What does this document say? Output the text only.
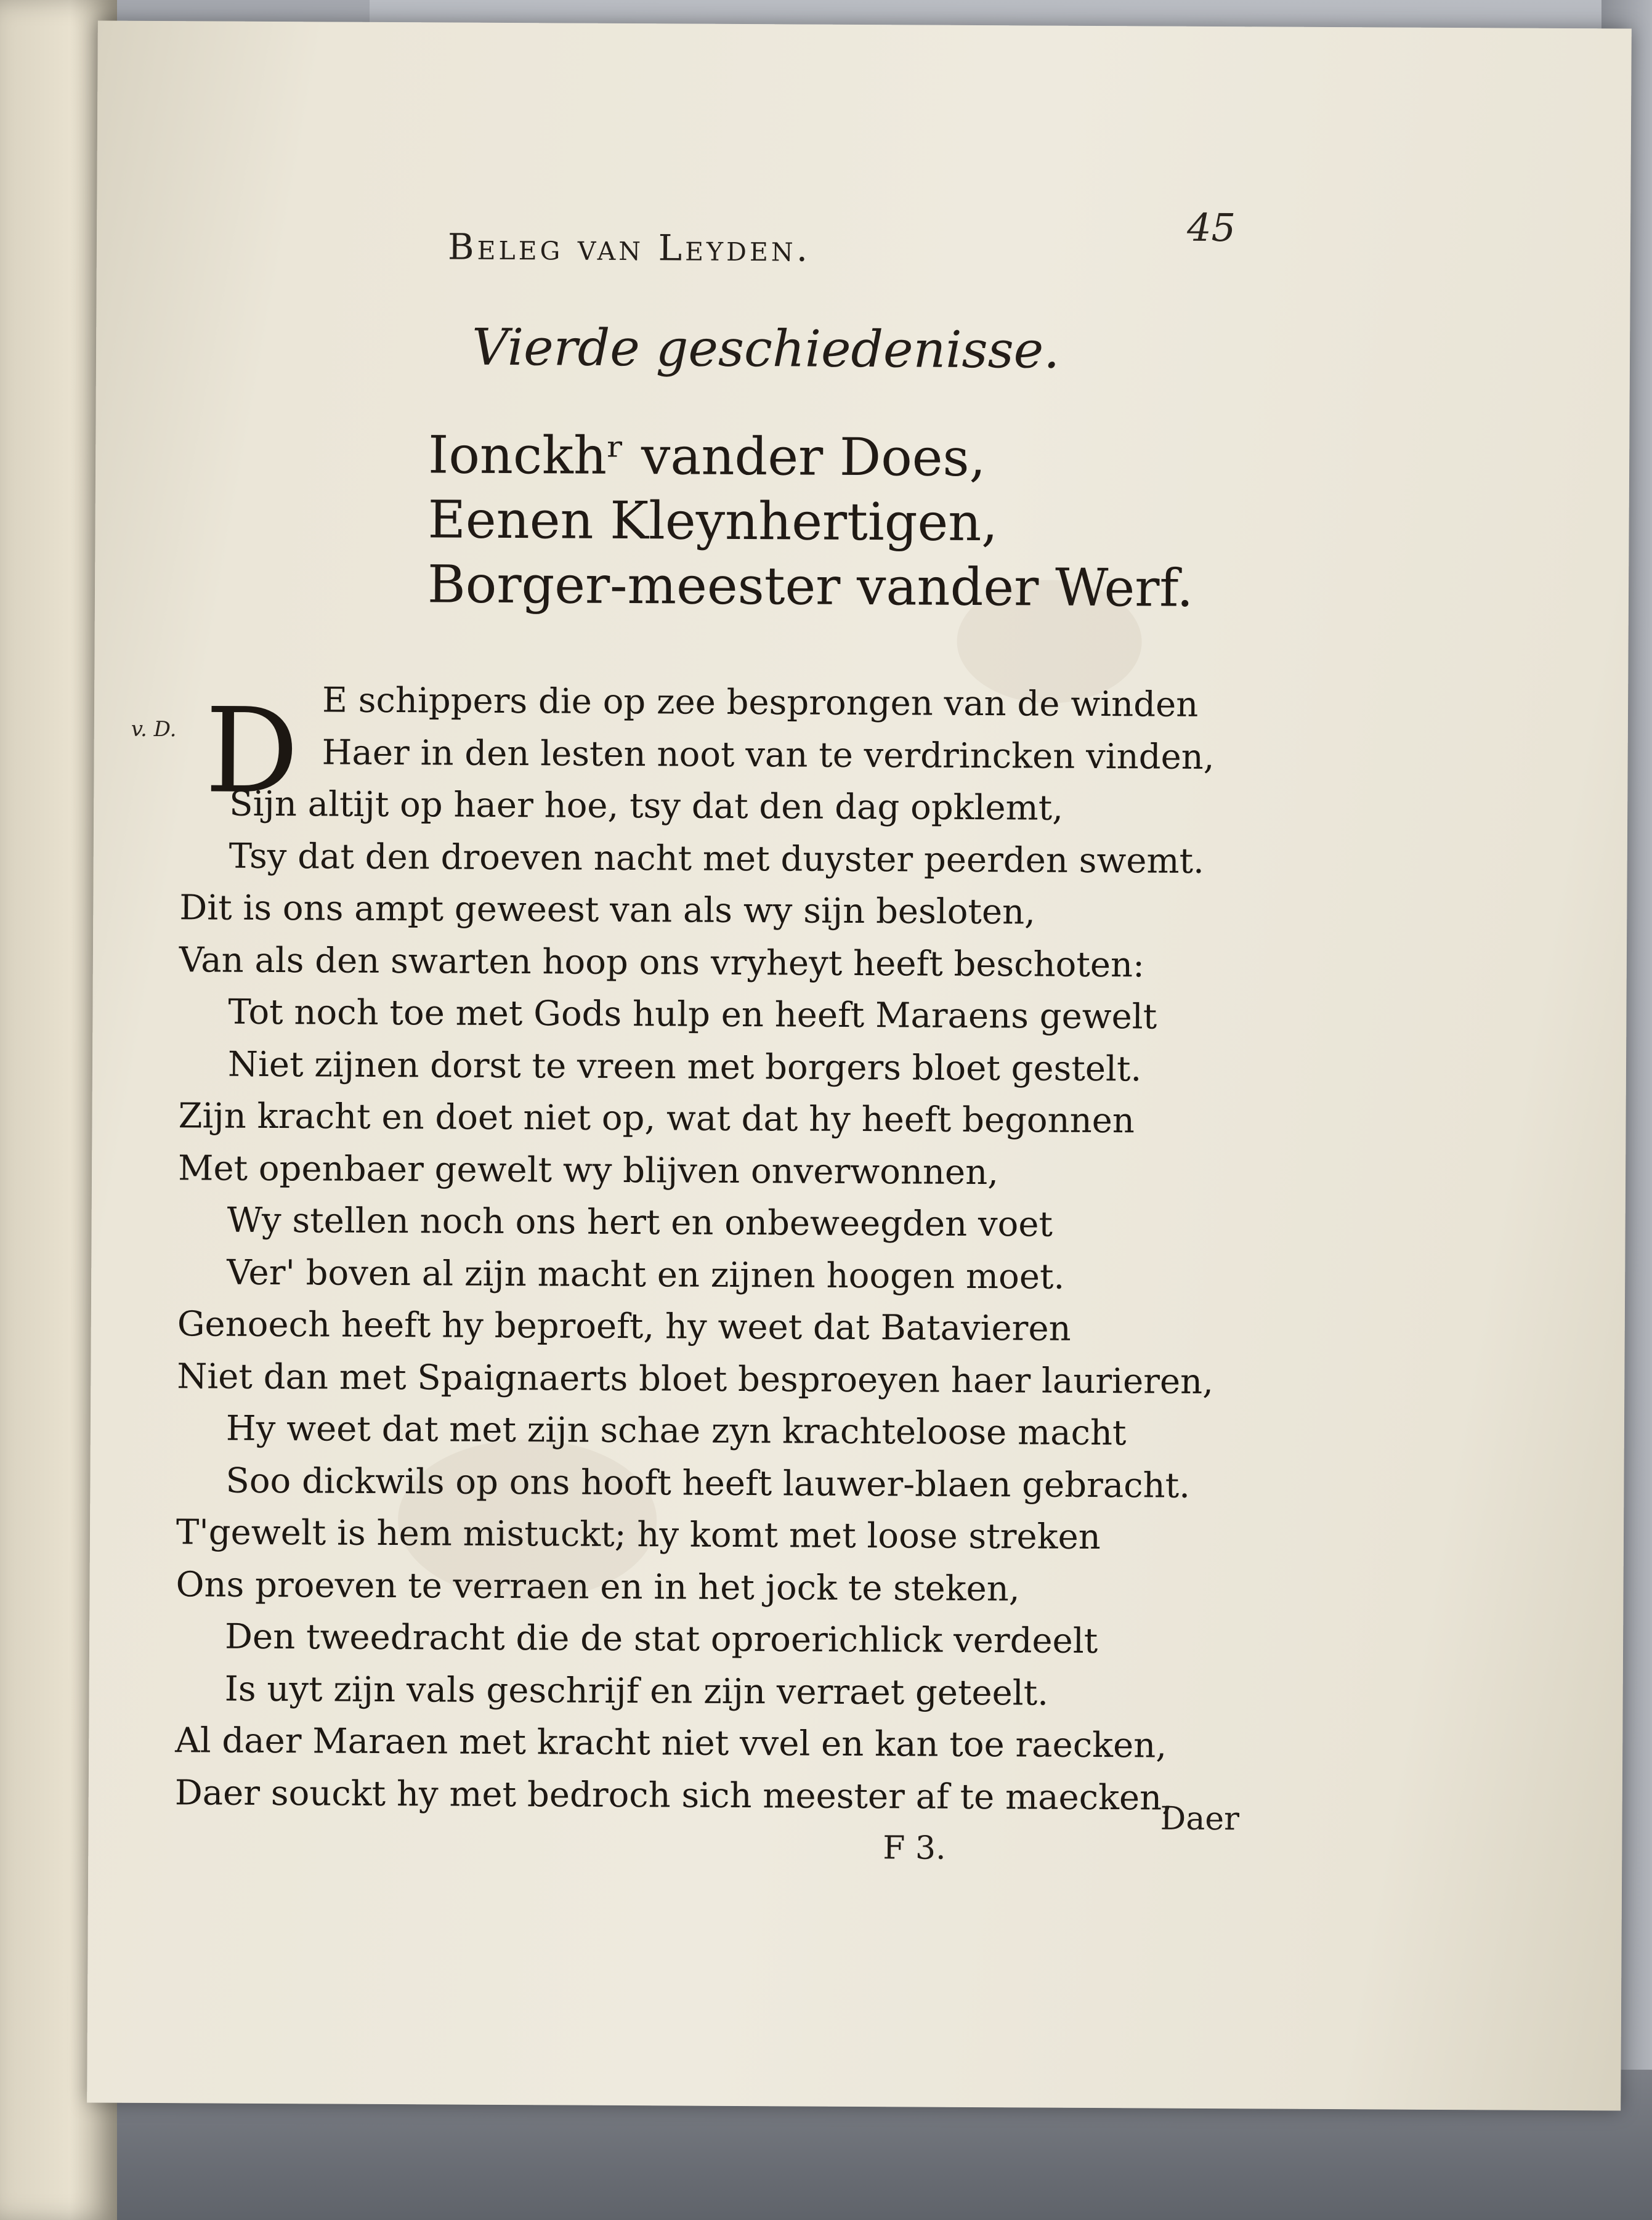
Beleg van Leyden.	45
Vierde geschiedenisse.
Ionckhʳ vander Does,
Eenen Kleynhertigen,
Borger-meester vander Werf.
v. D. D E schippers die op zee besprongen van de winden
Haer in den lesten noot van te verdrincken vinden,
Sijn altijt op haer hoe, tsy dat den dag opklemt,
Tsy dat den droeven nacht met duyster peerden swemt.
Dit is ons ampt geweest van als wy sijn besloten,
Van als den swarten hoop ons vryheyt heeft beschoten:
Tot noch toe met Gods hulp en heeft Maraens gewelt
Niet zijnen dorst te vreen met borgers bloet gestelt.
Zijn kracht en doet niet op, wat dat hy heeft begonnen
Met openbaer gewelt wy blijven onverwonnen,
Wy stellen noch ons hert en onbeweegden voet
Ver' boven al zijn macht en zijnen hoogen moet.
Genoech heeft hy beproeft, hy weet dat Batavieren
Niet dan met Spaignaerts bloet besproeyen haer laurieren,
Hy weet dat met zijn schae zyn krachteloose macht
Soo dickwils op ons hooft heeft lauwer-blaen gebracht.
T'gewelt is hem mistuckt; hy komt met loose streken
Ons proeven te verraen en in het jock te steken,
Den tweedracht die de stat oproerichlick verdeelt
Is uyt zijn vals geschrijf en zijn verraet geteelt.
Al daer Maraen met kracht niet vvel en kan toe raecken,
Daer souckt hy met bedroch sich meester af te maecken,
Daer
F 3.
